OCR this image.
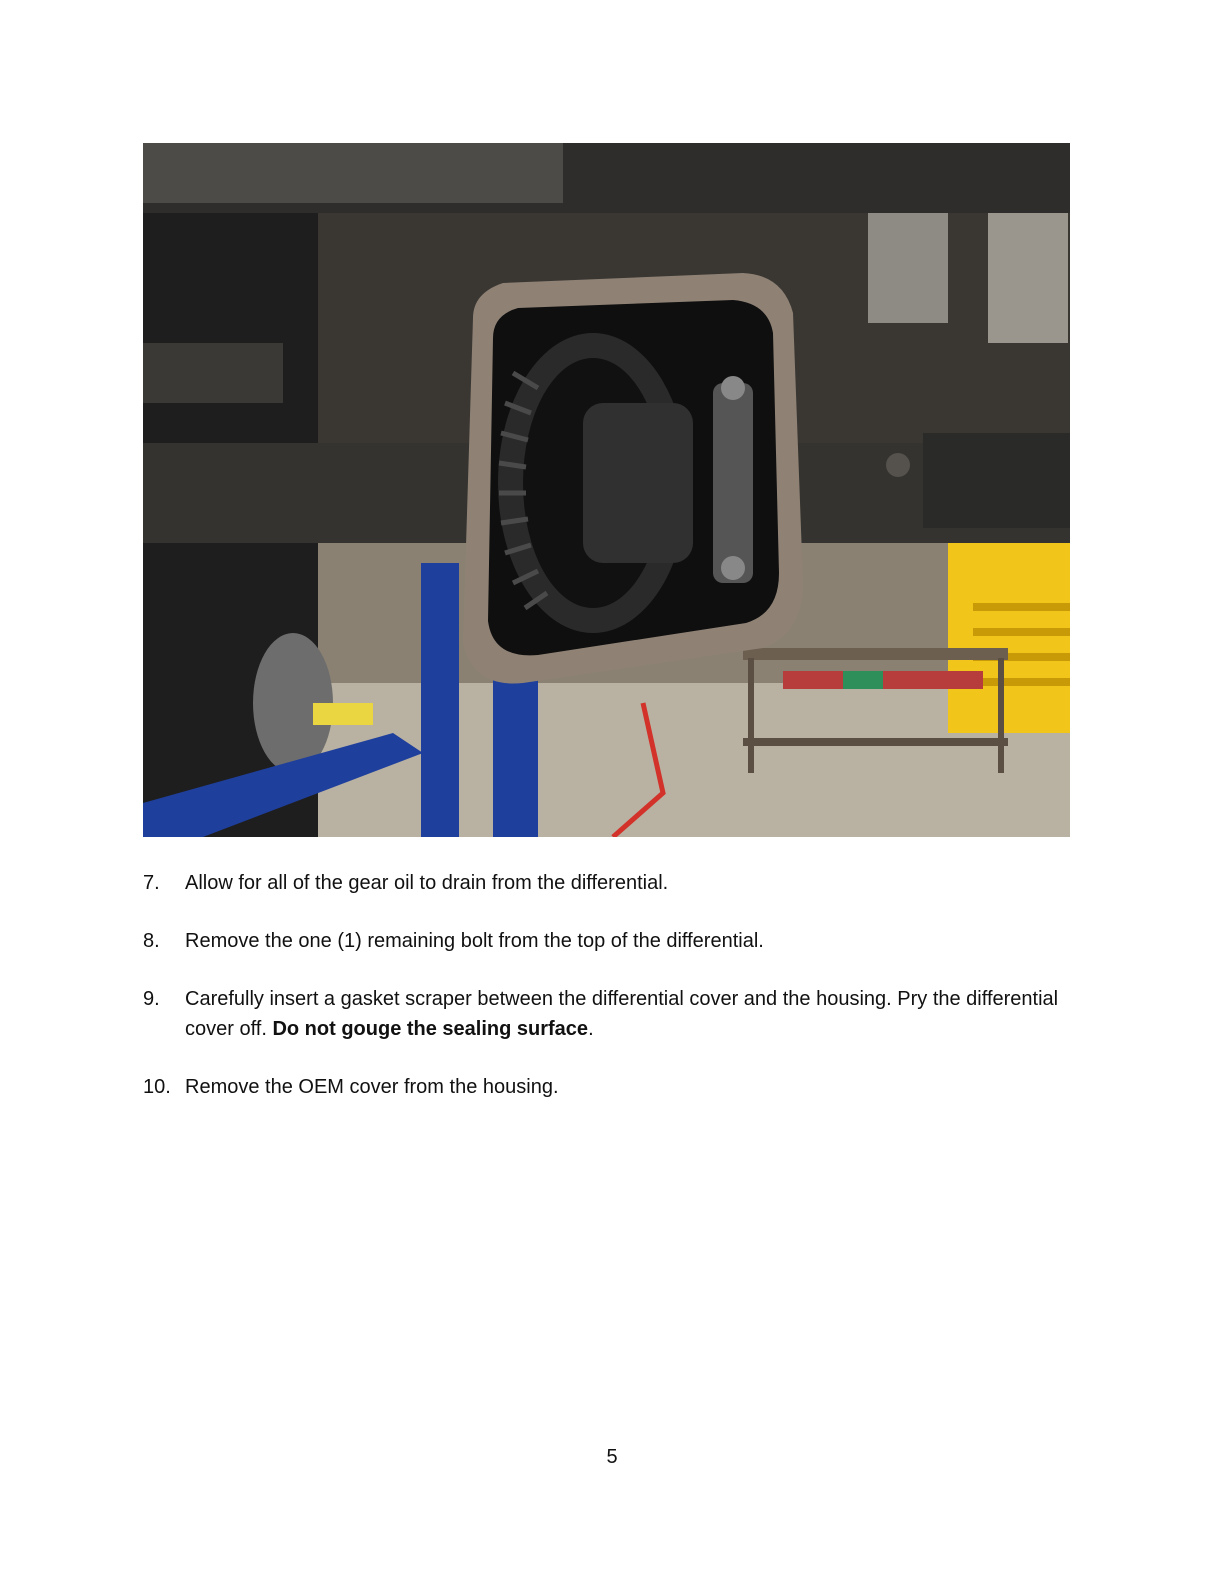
7. Allow for all of the gear oil to drain from the differential.
8. Remove the one (1) remaining bolt from the top of the differential.
9. Carefully insert a gasket scraper between the differential cover and the housing. Pry the differential cover off. Do not gouge the sealing surface.
10. Remove the OEM cover from the housing.
5
